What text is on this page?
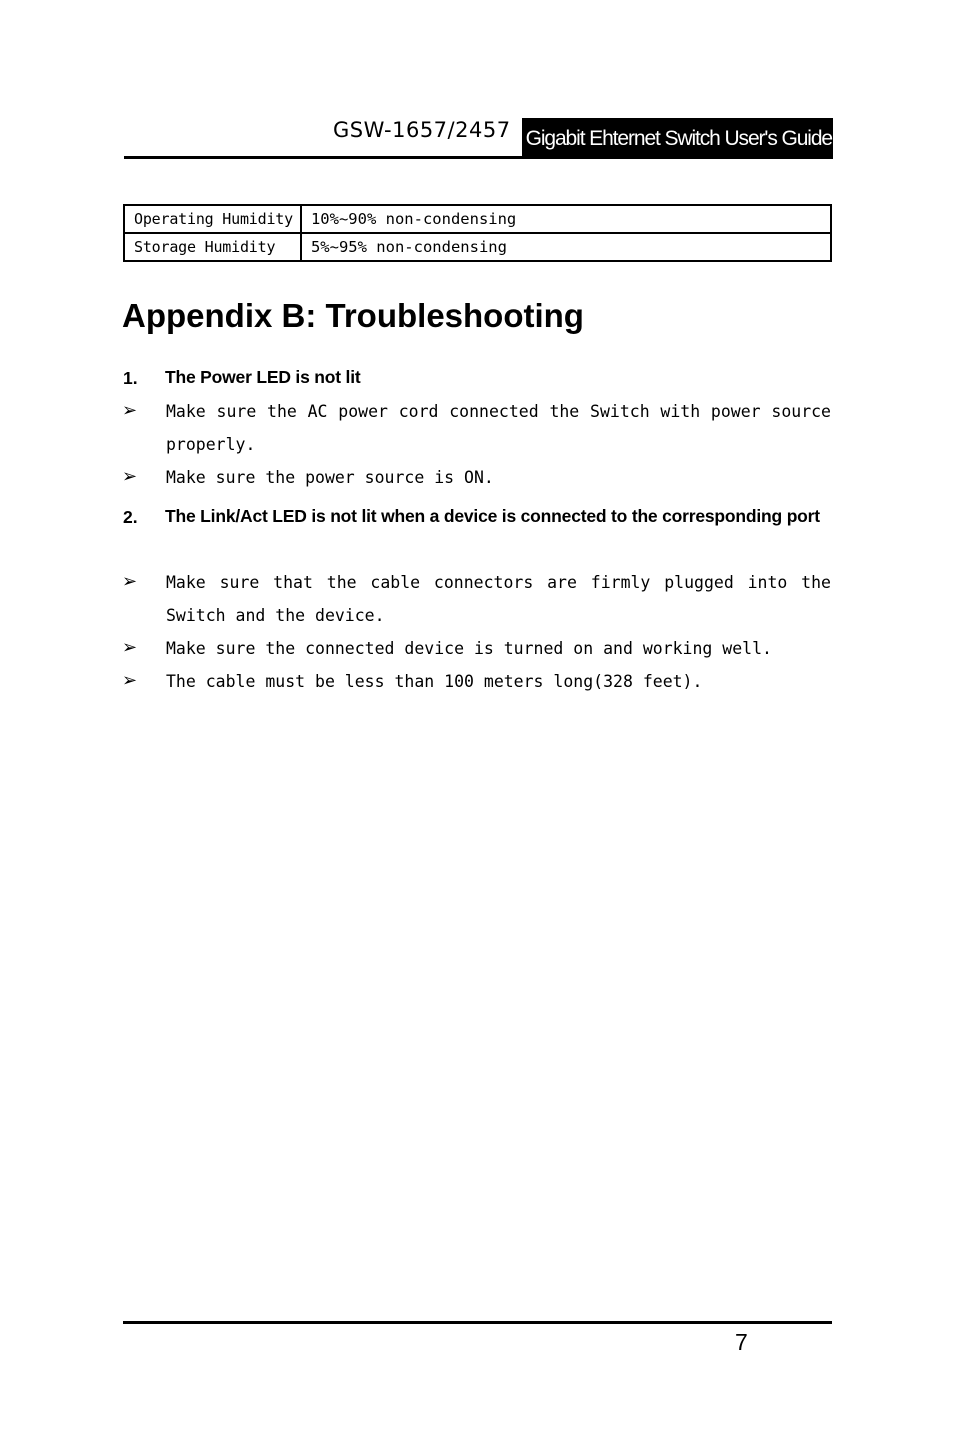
GSW-1657/2457 Gigabit Ehternet Switch User's Guide
Operating Humidity	10%~90% non-condensing
Storage Humidity	5%~95% non-condensing
Appendix B: Troubleshooting
1. The Power LED is not lit
➢ Make sure the AC power cord connected the Switch with power source properly.
➢ Make sure the power source is ON.
2. The Link/Act LED is not lit when a device is connected to the corresponding port
➢ Make sure that the cable connectors are firmly plugged into the Switch and the device.
➢ Make sure the connected device is turned on and working well.
➢ The cable must be less than 100 meters long(328 feet).
7
